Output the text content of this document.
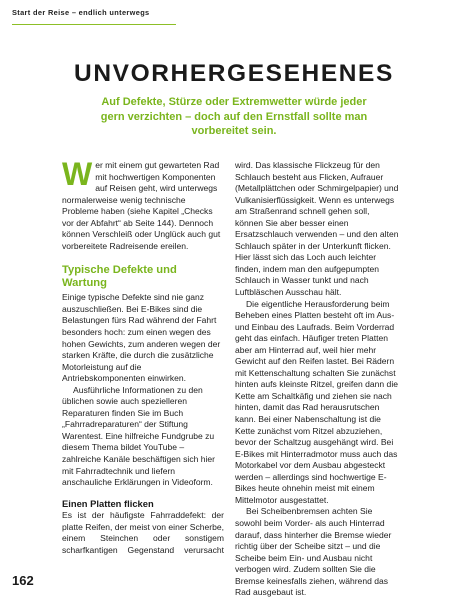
Start der Reise – endlich unterwegs
UNVORHERGESEHENES
Auf Defekte, Stürze oder Extremwetter würde jeder gern verzichten – doch auf den Ernstfall sollte man vorbereitet sein.

Wer mit einem gut gewarteten Rad mit hochwertigen Komponenten auf Reisen geht, wird unterwegs normalerweise wenig technische Probleme haben (siehe Kapitel „Checks vor der Abfahrt“ ab Seite 144). Dennoch können Verschleiß oder Unglück auch gut vorbereitete Radreisende ereilen.

Typische Defekte und Wartung

Einige typische Defekte sind nie ganz auszuschließen. Bei E-Bikes sind die Belastungen fürs Rad während der Fahrt besonders hoch: zum einen wegen des hohen Gewichts, zum anderen wegen der starken Kräfte, die durch die zusätzliche Motorleistung auf die Antriebskomponenten einwirken.

Ausführliche Informationen zu den üblichen sowie auch spezielleren Reparaturen finden Sie im Buch „Fahrradreparaturen“ der Stiftung Warentest. Eine hilfreiche Fundgrube zu diesem Thema bildet YouTube – zahlreiche Kanäle beschäftigen sich hier mit Fahrradtechnik und liefern anschauliche Erklärungen in Videoform.

Einen Platten flicken

Es ist der häufigste Fahrraddefekt: der platte Reifen, der meist von einer Scherbe, einem Steinchen oder sonstigem scharfkantigen Gegenstand verursacht

wird. Das klassische Flickzeug für den Schlauch besteht aus Flicken, Aufrauer (Metallplättchen oder Schmirgelpapier) und Vulkanisierflüssigkeit. Wenn es unterwegs am Straßenrand schnell gehen soll, können Sie aber besser einen Ersatzschlauch verwenden – und den alten Schlauch später in der Unterkunft flicken. Hier lässt sich das Loch auch leichter finden, indem man den aufgepumpten Schlauch in Wasser tunkt und nach Luftbläschen Ausschau hält.

Die eigentliche Herausforderung beim Beheben eines Platten besteht oft im Aus- und Einbau des Laufrads. Beim Vorderrad geht das einfach. Häufiger treten Platten aber am Hinterrad auf, weil hier mehr Gewicht auf den Reifen lastet. Bei Rädern mit Kettenschaltung schalten Sie zunächst hinten aufs kleinste Ritzel, greifen dann die Kette am Schaltkäfig und ziehen sie nach hinten, damit das Rad herausrutschen kann. Bei einer Nabenschaltung ist die Kette zunächst vom Ritzel abzuziehen, bevor der Schaltzug ausgehängt wird. Bei E-Bikes mit Hinterradmotor muss auch das Motorkabel vor dem Ausbau abgesteckt werden – allerdings sind hochwertige E-Bikes heute ohnehin meist mit einem Mittelmotor ausgestattet.

Bei Scheibenbremsen achten Sie sowohl beim Vorder- als auch Hinterrad darauf, dass hinterher die Bremse wieder richtig über der Scheibe sitzt – und die Scheibe beim Ein- und Ausbau nicht verbogen wird. Zudem sollten Sie die Bremse keinesfalls ziehen, während das Rad ausgebaut ist.

162
